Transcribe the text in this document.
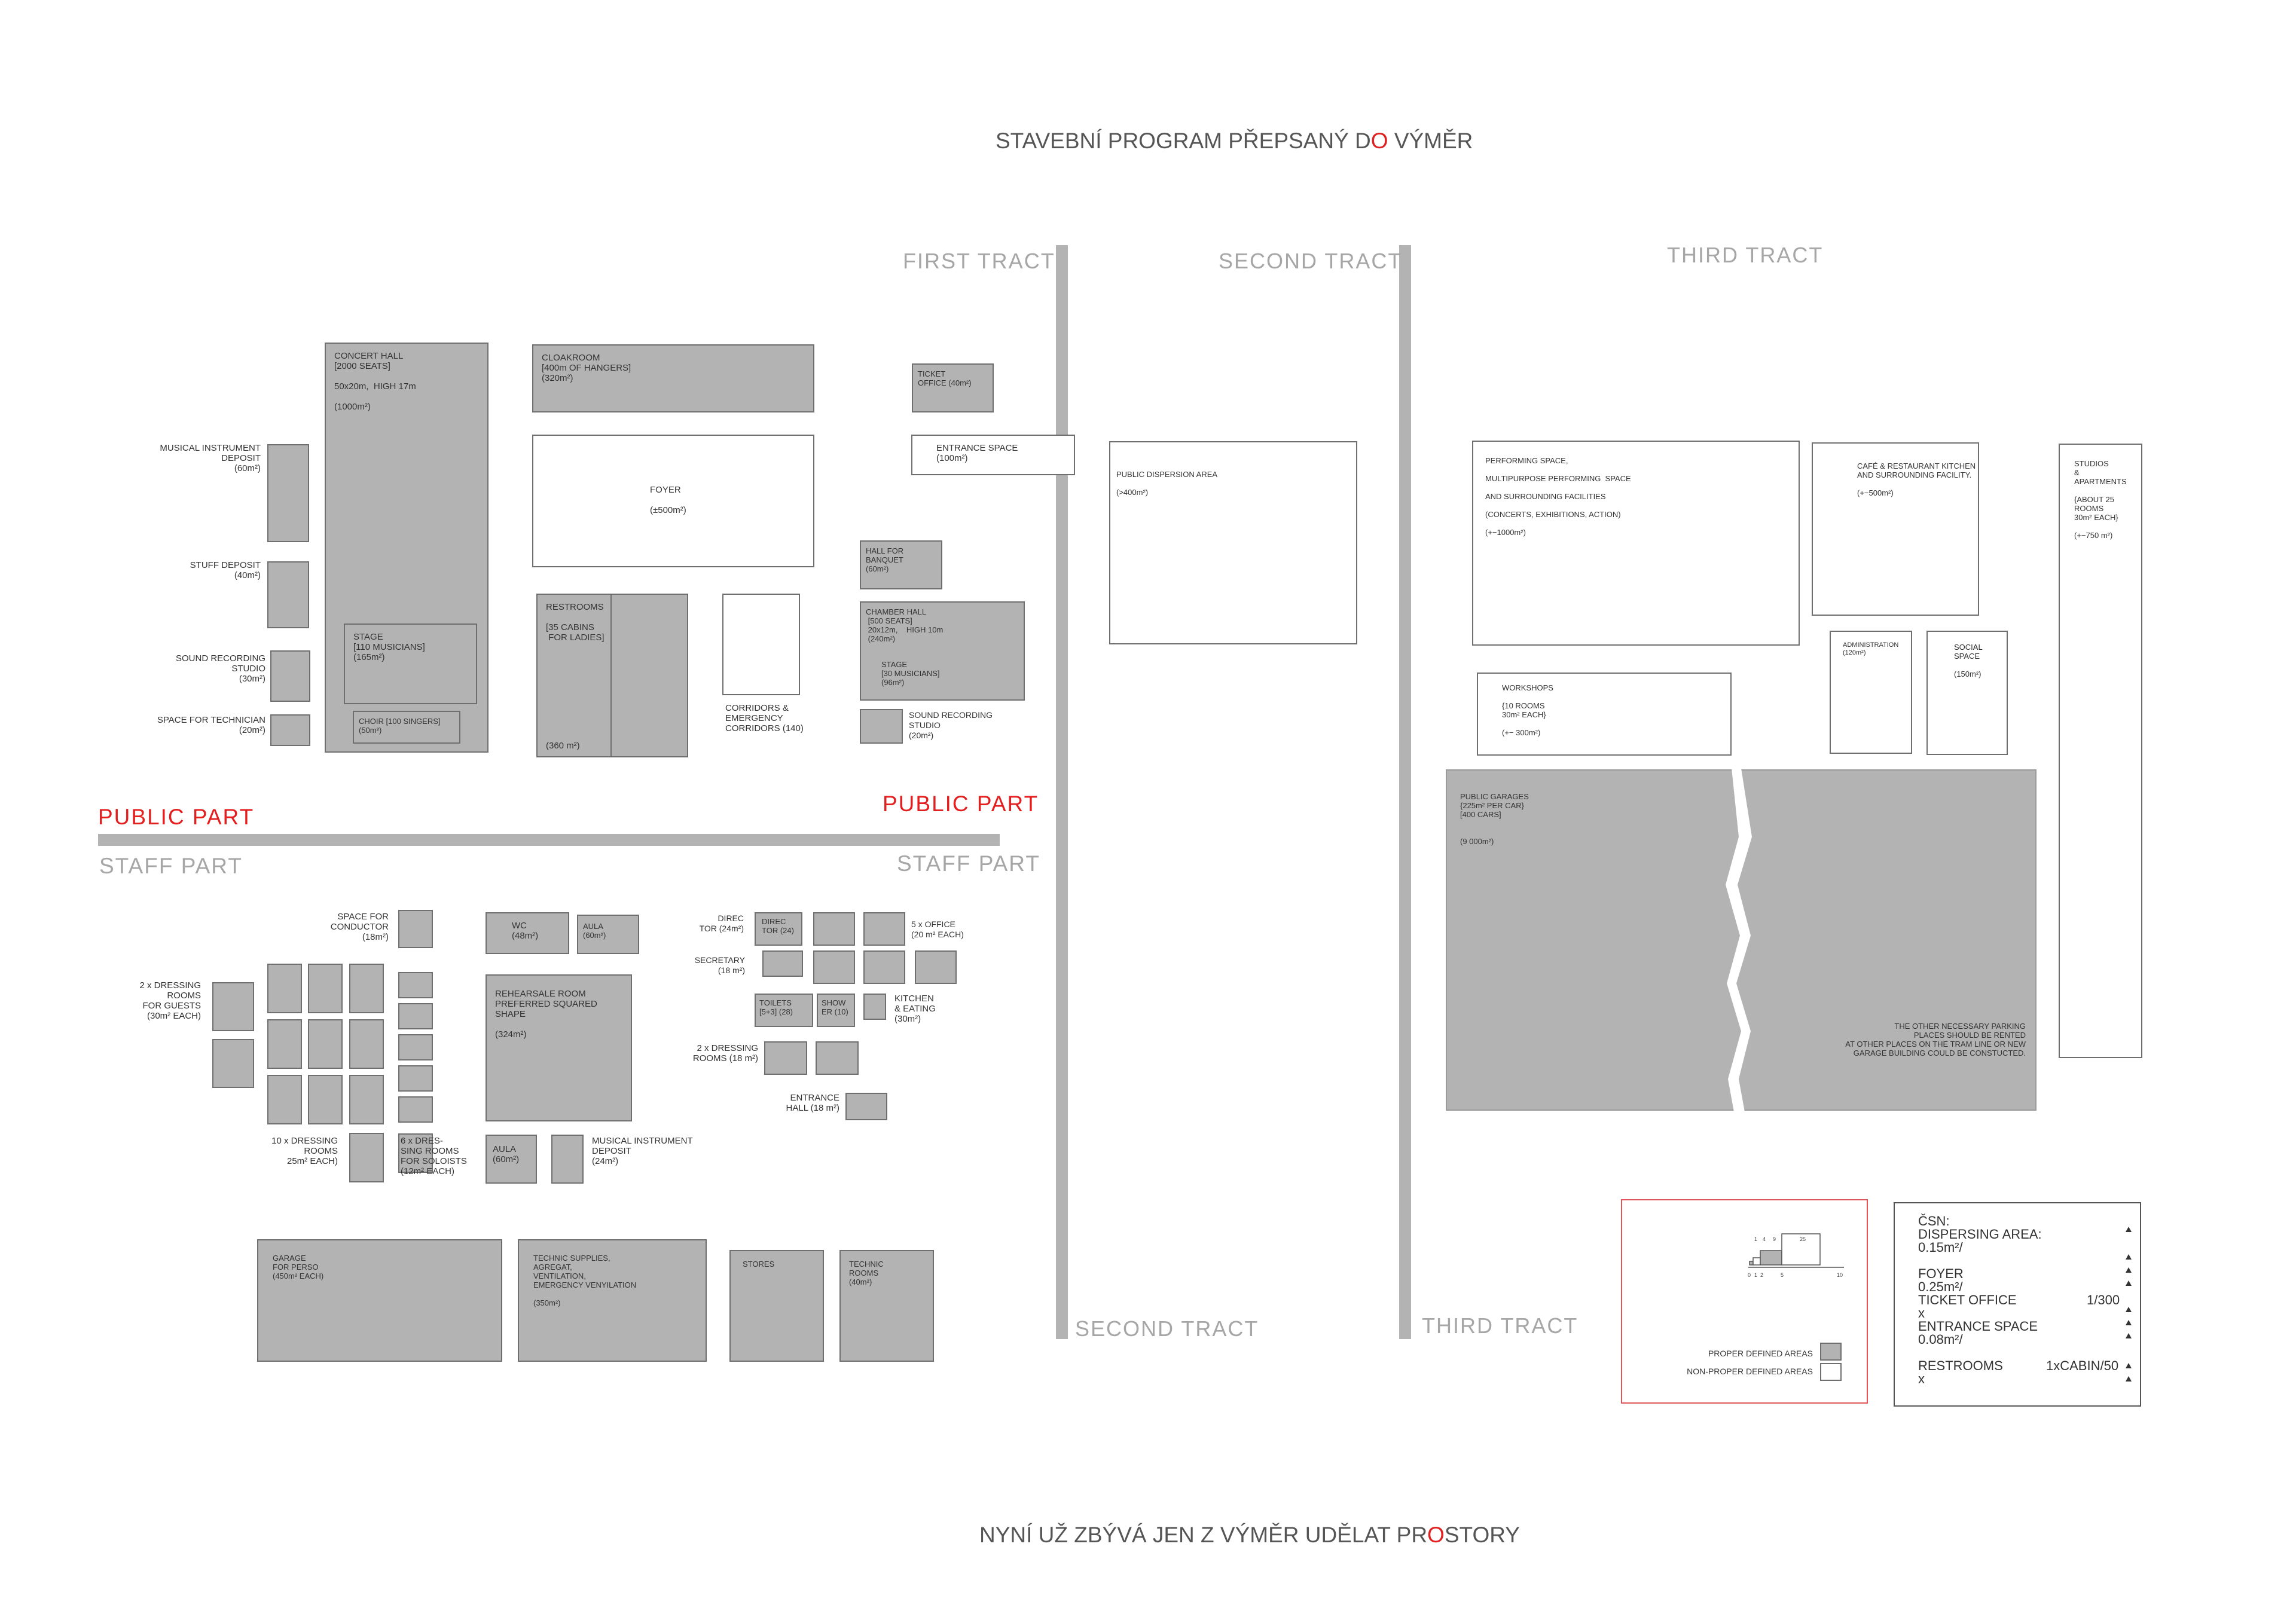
STAVEBNÍ PROGRAM PŘEPSANÝ DO VÝMĚR
NYNÍ UŽ ZBÝVÁ JEN Z VÝMĚR UDĚLAT PROSTORY
FIRST TRACT	SECOND TRACT	THIRD TRACT
SECOND TRACT	THIRD TRACT
PUBLIC PART
PUBLIC PART
STAFF PART	STAFF PART
CONCERT HALL
[2000 SEATS]

50x20m,  HIGH 17m

(1000m²)
STAGE
[110 MUSICIANS]
(165m²)
CHOIR [100 SINGERS]
(50m²)
MUSICAL INSTRUMENT
DEPOSIT
(60m²)
STUFF DEPOSIT
(40m²)
SOUND RECORDING
STUDIO
(30m²)
SPACE FOR TECHNICIAN
(20m²)
CLOAKROOM
[400m OF HANGERS]
(320m²)
FOYER

(±500m²)
RESTROOMS

[35 CABINS
FOR LADIES]
(360 m²)
CORRIDORS &
EMERGENCY
CORRIDORS (140)
TICKET
OFFICE (40m²)
ENTRANCE SPACE
(100m²)
HALL FOR
BANQUET
(60m²)
CHAMBER HALL
[500 SEATS]
20x12m,    HIGH 10m
(240m²)
STAGE
[30 MUSICIANS]
(96m²)
SOUND RECORDING
STUDIO
(20m²)
SPACE FOR
CONDUCTOR
(18m²)
WC
(48m²)
AULA
(60m²)
2 x DRESSING
ROOMS
FOR GUESTS
(30m² EACH)
10 x DRESSING
ROOMS
25m² EACH)
6 x DRES-
SING ROOMS
FOR SOLOISTS
(12m² EACH)
REHEARSALE ROOM
PREFERRED SQUARED
SHAPE

(324m²)
AULA
(60m²)
MUSICAL INSTRUMENT
DEPOSIT
(24m²)
DIREC
TOR (24m²)
DIREC
TOR (24)
5 x OFFICE
(20 m² EACH)
SECRETARY
(18 m²)
TOILETS
[5+3] (28)
SHOW
ER (10)
KITCHEN
& EATING
(30m²)
2 x DRESSING
ROOMS (18 m²)
ENTRANCE
HALL (18 m²)
GARAGE
FOR PERSO
(450m² EACH)
TECHNIC SUPPLIES,
AGREGAT,
VENTILATION,
EMERGENCY VENYILATION

(350m²)
STORES	TECHNIC
ROOMS
(40m²)
PUBLIC DISPERSION AREA

(>400m²)
PERFORMING SPACE,

MULTIPURPOSE PERFORMING  SPACE

AND SURROUNDING FACILITIES

(CONCERTS, EXHIBITIONS, ACTION)

(+−1000m²)
CAFÉ & RESTAURANT KITCHEN
AND SURROUNDING FACILITY.

(+−500m²)
STUDIOS
&
APARTMENTS

{ABOUT 25
ROOMS
30m² EACH}

(+−750 m²)
WORKSHOPS

{10 ROOMS
30m² EACH}

(+− 300m²)
ADMINISTRATION
(120m²)
SOCIAL
SPACE

(150m²)
PUBLIC GARAGES
{225m² PER CAR}
[400 CARS]

(9 000m²)
THE OTHER NECESSARY PARKING
PLACES SHOULD BE RENTED
AT OTHER PLACES ON THE TRAM LINE OR NEW
GARAGE BUILDING COULD BE CONSTUCTED.
1 4 9	25
0 1 2	5	10
PROPER DEFINED AREAS
NON-PROPER DEFINED AREAS
ČSN:
DISPERSING AREA:
0.15m²/
FOYER
0.25m²/
TICKET OFFICE	1/300
x
ENTRANCE SPACE
0.08m²/
RESTROOMS	1xCABIN/50
x
